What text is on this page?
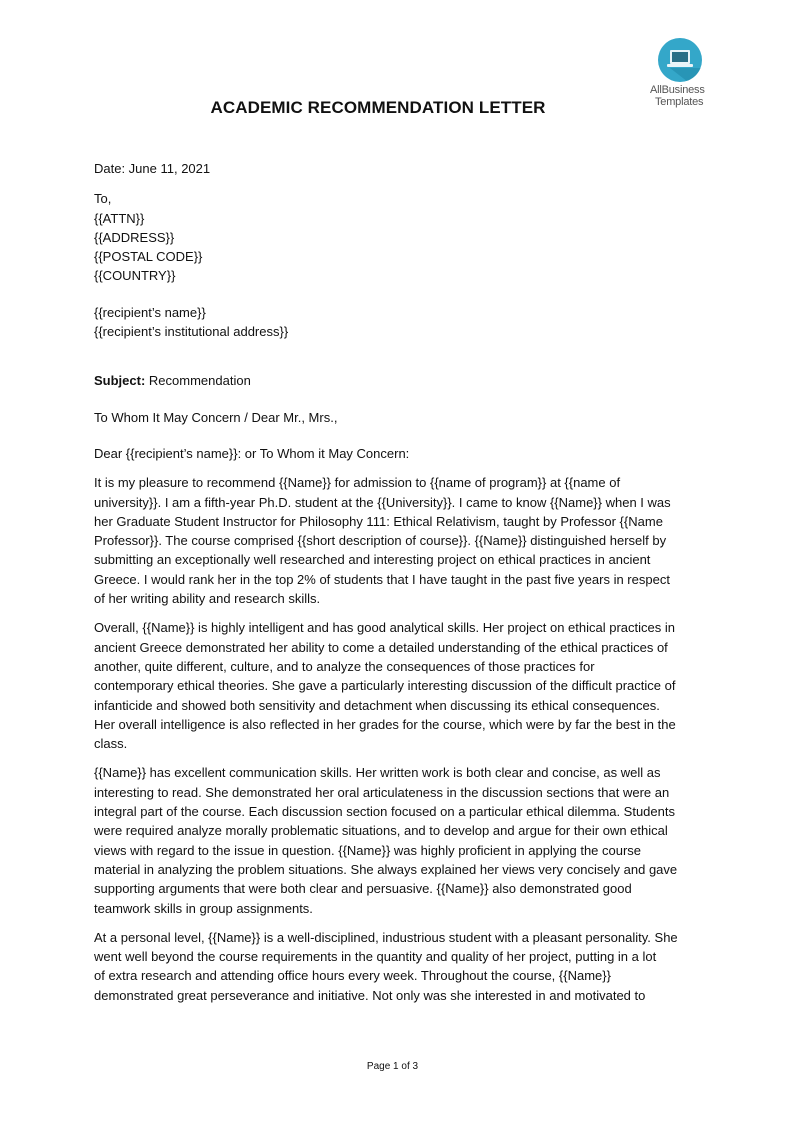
AllBusiness
Templates
ACADEMIC RECOMMENDATION LETTER
Date: June 11, 2021
To,
{{ATTN}}
{{ADDRESS}}
{{POSTAL CODE}}
{{COUNTRY}}
{{recipient’s name}}
{{recipient’s institutional address}}
Subject: Recommendation
To Whom It May Concern / Dear Mr., Mrs.,
Dear {{recipient’s name}}: or To Whom it May Concern:
It is my pleasure to recommend {{Name}} for admission to {{name of program}} at {{name of
university}}. I am a fifth-year Ph.D. student at the {{University}}. I came to know {{Name}} when I was
her Graduate Student Instructor for Philosophy 111: Ethical Relativism, taught by Professor {{Name
Professor}}. The course comprised {{short description of course}}. {{Name}} distinguished herself by
submitting an exceptionally well researched and interesting project on ethical practices in ancient
Greece. I would rank her in the top 2% of students that I have taught in the past five years in respect
of her writing ability and research skills.
Overall, {{Name}} is highly intelligent and has good analytical skills. Her project on ethical practices in
ancient Greece demonstrated her ability to come a detailed understanding of the ethical practices of
another, quite different, culture, and to analyze the consequences of those practices for
contemporary ethical theories. She gave a particularly interesting discussion of the difficult practice of
infanticide and showed both sensitivity and detachment when discussing its ethical consequences.
Her overall intelligence is also reflected in her grades for the course, which were by far the best in the
class.
{{Name}} has excellent communication skills. Her written work is both clear and concise, as well as
interesting to read. She demonstrated her oral articulateness in the discussion sections that were an
integral part of the course. Each discussion section focused on a particular ethical dilemma. Students
were required analyze morally problematic situations, and to develop and argue for their own ethical
views with regard to the issue in question. {{Name}} was highly proficient in applying the course
material in analyzing the problem situations. She always explained her views very concisely and gave
supporting arguments that were both clear and persuasive. {{Name}} also demonstrated good
teamwork skills in group assignments.
At a personal level, {{Name}} is a well-disciplined, industrious student with a pleasant personality. She
went well beyond the course requirements in the quantity and quality of her project, putting in a lot
of extra research and attending office hours every week. Throughout the course, {{Name}}
demonstrated great perseverance and initiative. Not only was she interested in and motivated to
Page 1 of 3
